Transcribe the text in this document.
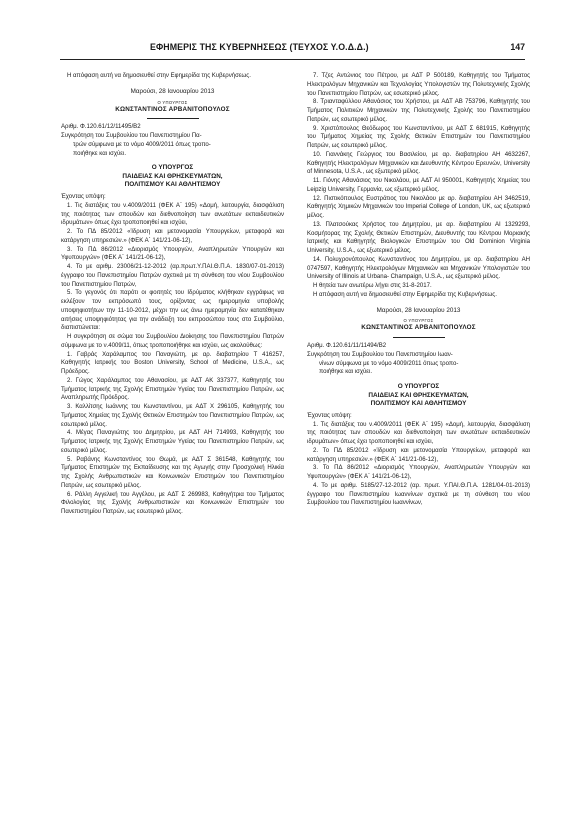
ΕΦΗΜΕΡΙΣ ΤΗΣ ΚΥΒΕΡΝΗΣΕΩΣ (ΤΕΥΧΟΣ Υ.Ο.Δ.Δ.)	147

Η απόφαση αυτή να δημοσιευθεί στην Εφημερίδα της Κυβερνήσεως.

Μαρούσι, 28 Ιανουαρίου 2013
Ο ΥΠΟΥΡΓΟΣ
ΚΩΝΣΤΑΝΤΙΝΟΣ ΑΡΒΑΝΙΤΟΠΟΥΛΟΣ

Αριθμ. Φ.120.61/12/11495/Β2

Συγκρότηση του Συμβουλίου του Πανεπιστημίου Πα-
τρών σύμφωνα με το νόμο 4009/2011 όπως τροπο-
ποιήθηκε και ισχύει.

Ο ΥΠΟΥΡΓΟΣ
ΠΑΙΔΕΙΑΣ ΚΑΙ ΘΡΗΣΚΕΥΜΑΤΩΝ,
ΠΟΛΙΤΙΣΜΟΥ ΚΑΙ ΑΘΛΗΤΙΣΜΟΥ

Έχοντας υπόψη:

1. Τις διατάξεις του ν.4009/2011 (ΦΕΚ Α΄ 195) «Δομή, λειτουργία, διασφάλιση της ποιότητας των σπουδών και διεθνοποίηση των ανωτάτων εκπαιδευτικών ιδρυμάτων» όπως έχει τροποποιηθεί και ισχύει,

2. Το ΠΔ 85/2012 «Ίδρυση και μετονομασία Υπουργείων, μεταφορά και κατάργηση υπηρεσιών.» (ΦΕΚ Α΄ 141/21-06-12),

3. Το ΠΔ 86/2012 «Διορισμός Υπουργών, Αναπληρωτών Υπουργών και Υφυπουργών» (ΦΕΚ Α΄ 141/21-06-12),

4. Το με αριθμ. 23006/21-12-2012 (αρ.πρωτ.Υ.ΠΑΙ.Θ.Π.Α. 1830/07-01-2013) έγγραφο του Πανεπιστημίου Πατρών σχετικά με τη σύνθεση του νέου Συμβουλίου του Πανεπιστημίου Πατρών,

5. Το γεγονός ότι παρότι οι φοιτητές του Ιδρύματος κλήθηκαν εγγράφως να εκλέξουν τον εκπρόσωπό τους, ορίζοντας ως ημερομηνία υποβολής υποψηφιοτήτων την 11-10-2012, μέχρι την ως άνω ημερομηνία δεν κατατέθηκαν αιτήσεις υποψηφιότητας για την ανάδειξη του εκπροσώπου τους στο Συμβούλιο, διαπιστώνεται:

Η συγκρότηση σε σώμα του Συμβουλίου Διοίκησης του Πανεπιστημίου Πατρών σύμφωνα με το ν.4009/11, όπως τροποποιήθηκε και ισχύει, ως ακολούθως:

1. Γαβράς Χαράλαμπος του Παναγιώτη, με αρ. διαβατηρίου Τ 416257, Καθηγητής Ιατρικής του Boston University, School of Medicine, U.S.A., ως Πρόεδρος.

2. Γώγος Χαράλαμπος του Αθανασίου, με ΑΔΤ ΑΚ 337377, Καθηγητής του Τμήματος Ιατρικής της Σχολής Επιστημών Υγείας του Πανεπιστημίου Πατρών, ως Αναπληρωτής Πρόεδρος.

3. Καλλίτσης Ιωάννης του Κωνσταντίνου, με ΑΔΤ Χ 296105, Καθηγητής του Τμήματος Χημείας της Σχολής Θετικών Επιστημών του Πανεπιστημίου Πατρών, ως εσωτερικό μέλος.

4. Μέγας Παναγιώτης του Δημητρίου, με ΑΔΤ ΑΗ 714993, Καθηγητής του Τμήματος Ιατρικής της Σχολής Επιστημών Υγείας του Πανεπιστημίου Πατρών, ως εσωτερικό μέλος.

5. Ραβάνης Κωνσταντίνος του Θωμά, με ΑΔΤ Σ 361548, Καθηγητής του Τμήματος Επιστημών της Εκπαίδευσης και της Αγωγής στην Προσχολική Ηλικία της Σχολής Ανθρωπιστικών και Κοινωνικών Επιστημών του Πανεπιστημίου Πατρών, ως εσωτερικό μέλος.

6. Ράλλη Αγγελική του Αγγέλου, με ΑΔΤ Σ 269983, Καθηγήτρια του Τμήματος Φιλολογίας της Σχολής Ανθρωπιστικών και Κοινωνικών Επιστημών του Πανεπιστημίου Πατρών, ως εσωτερικό μέλος.

7. Τζες Αντώνιος του Πέτρου, με ΑΔΤ Ρ 500189, Καθηγητής του Τμήματος Ηλεκτρολόγων Μηχανικών και Τεχνολογίας Υπολογιστών της Πολυτεχνικής Σχολής του Πανεπιστημίου Πατρών, ως εσωτερικό μέλος.

8. Τριανταφύλλου Αθανάσιος του Χρήστου, με ΑΔΤ ΑΒ 753796, Καθηγητής του Τμήματος Πολιτικών Μηχανικών της Πολυτεχνικής Σχολής του Πανεπιστημίου Πατρών, ως εσωτερικό μέλος.

9. Χριστόπουλος Θεόδωρος του Κωνσταντίνου, με ΑΔΤ Σ 681915, Καθηγητής του Τμήματος Χημείας της Σχολής Θετικών Επιστημών του Πανεπιστημίου Πατρών, ως εσωτερικό μέλος.

10. Γιαννάκης Γεώργιος του Βασιλείου, με αρ. διαβατηρίου ΑΗ 4632267, Καθηγητής Ηλεκτρολόγων Μηχανικών και Διευθυντής Κέντρου Ερευνών, University of Minnesota, U.S.A., ως εξωτερικό μέλος.

11. Γιόνης Αθανάσιος του Νικολάου, με ΑΔΤ ΑΙ 950001, Καθηγητής Χημείας του Leipzig University, Γερμανία, ως εξωτερικό μέλος.

12. Πιστικόπουλος Ευστράτιος του Νικολάου με αρ. διαβατηρίου ΑΗ 3462519, Καθηγητής Χημικών Μηχανικών του Imperial College of London, UK, ως εξωτερικό μέλος.

13. Πλατσούκας Χρήστος του Δημητρίου, με αρ. διαβατηρίου ΑΙ 1329293, Κοσμήτορας της Σχολής Θετικών Επιστημών, Διευθυντής του Κέντρου Μοριακής Ιατρικής και Καθηγητής Βιολογικών Επιστημών του Old Dominion Virginia University, U.S.A., ως εξωτερικό μέλος.

14. Πολυχρονόπουλος Κωνσταντίνος του Δημητρίου, με αρ. διαβατηρίου ΑΗ 0747597, Καθηγητής Ηλεκτρολόγων Μηχανικών και Μηχανικών Υπολογιστών του University of Illinois at Urbana- Champaign, U.S.A., ως εξωτερικό μέλος.

Η θητεία των ανωτέρω λήγει στις 31-8-2017.

Η απόφαση αυτή να δημοσιευθεί στην Εφημερίδα της Κυβερνήσεως.

Μαρούσι, 28 Ιανουαρίου 2013
Ο ΥΠΟΥΡΓΟΣ
ΚΩΝΣΤΑΝΤΙΝΟΣ ΑΡΒΑΝΙΤΟΠΟΥΛΟΣ

Αριθμ. Φ.120.61/11/11494/Β2

Συγκρότηση του Συμβουλίου του Πανεπιστημίου Ιωαν-
νίνων σύμφωνα με το νόμο 4009/2011 όπως τροπο-
ποιήθηκε και ισχύει.

Ο ΥΠΟΥΡΓΟΣ
ΠΑΙΔΕΙΑΣ ΚΑΙ ΘΡΗΣΚΕΥΜΑΤΩΝ,
ΠΟΛΙΤΙΣΜΟΥ ΚΑΙ ΑΘΛΗΤΙΣΜΟΥ

Έχοντας υπόψη:

1. Τις διατάξεις του ν.4009/2011 (ΦΕΚ Α΄ 195) «Δομή, λειτουργία, διασφάλιση της ποιότητας των σπουδών και διεθνοποίηση των ανωτάτων εκπαιδευτικών ιδρυμάτων» όπως έχει τροποποιηθεί και ισχύει,

2. Το ΠΔ 85/2012 «Ίδρυση και μετονομασία Υπουργείων, μεταφορά και κατάργηση υπηρεσιών.» (ΦΕΚ Α΄ 141/21-06-12),

3. Το ΠΔ 86/2012 «Διορισμός Υπουργών, Αναπληρωτών Υπουργών και Υφυπουργών» (ΦΕΚ Α΄ 141/21-06-12),

4. Το με αριθμ. 5185/27-12-2012 (αρ. πρωτ. Υ.ΠΑΙ.Θ.Π.Α. 1281/04-01-2013) έγγραφο του Πανεπιστημίου Ιωαννίνων σχετικά με τη σύνθεση του νέου Συμβουλίου του Πανεπιστημίου Ιωαννίνων,
